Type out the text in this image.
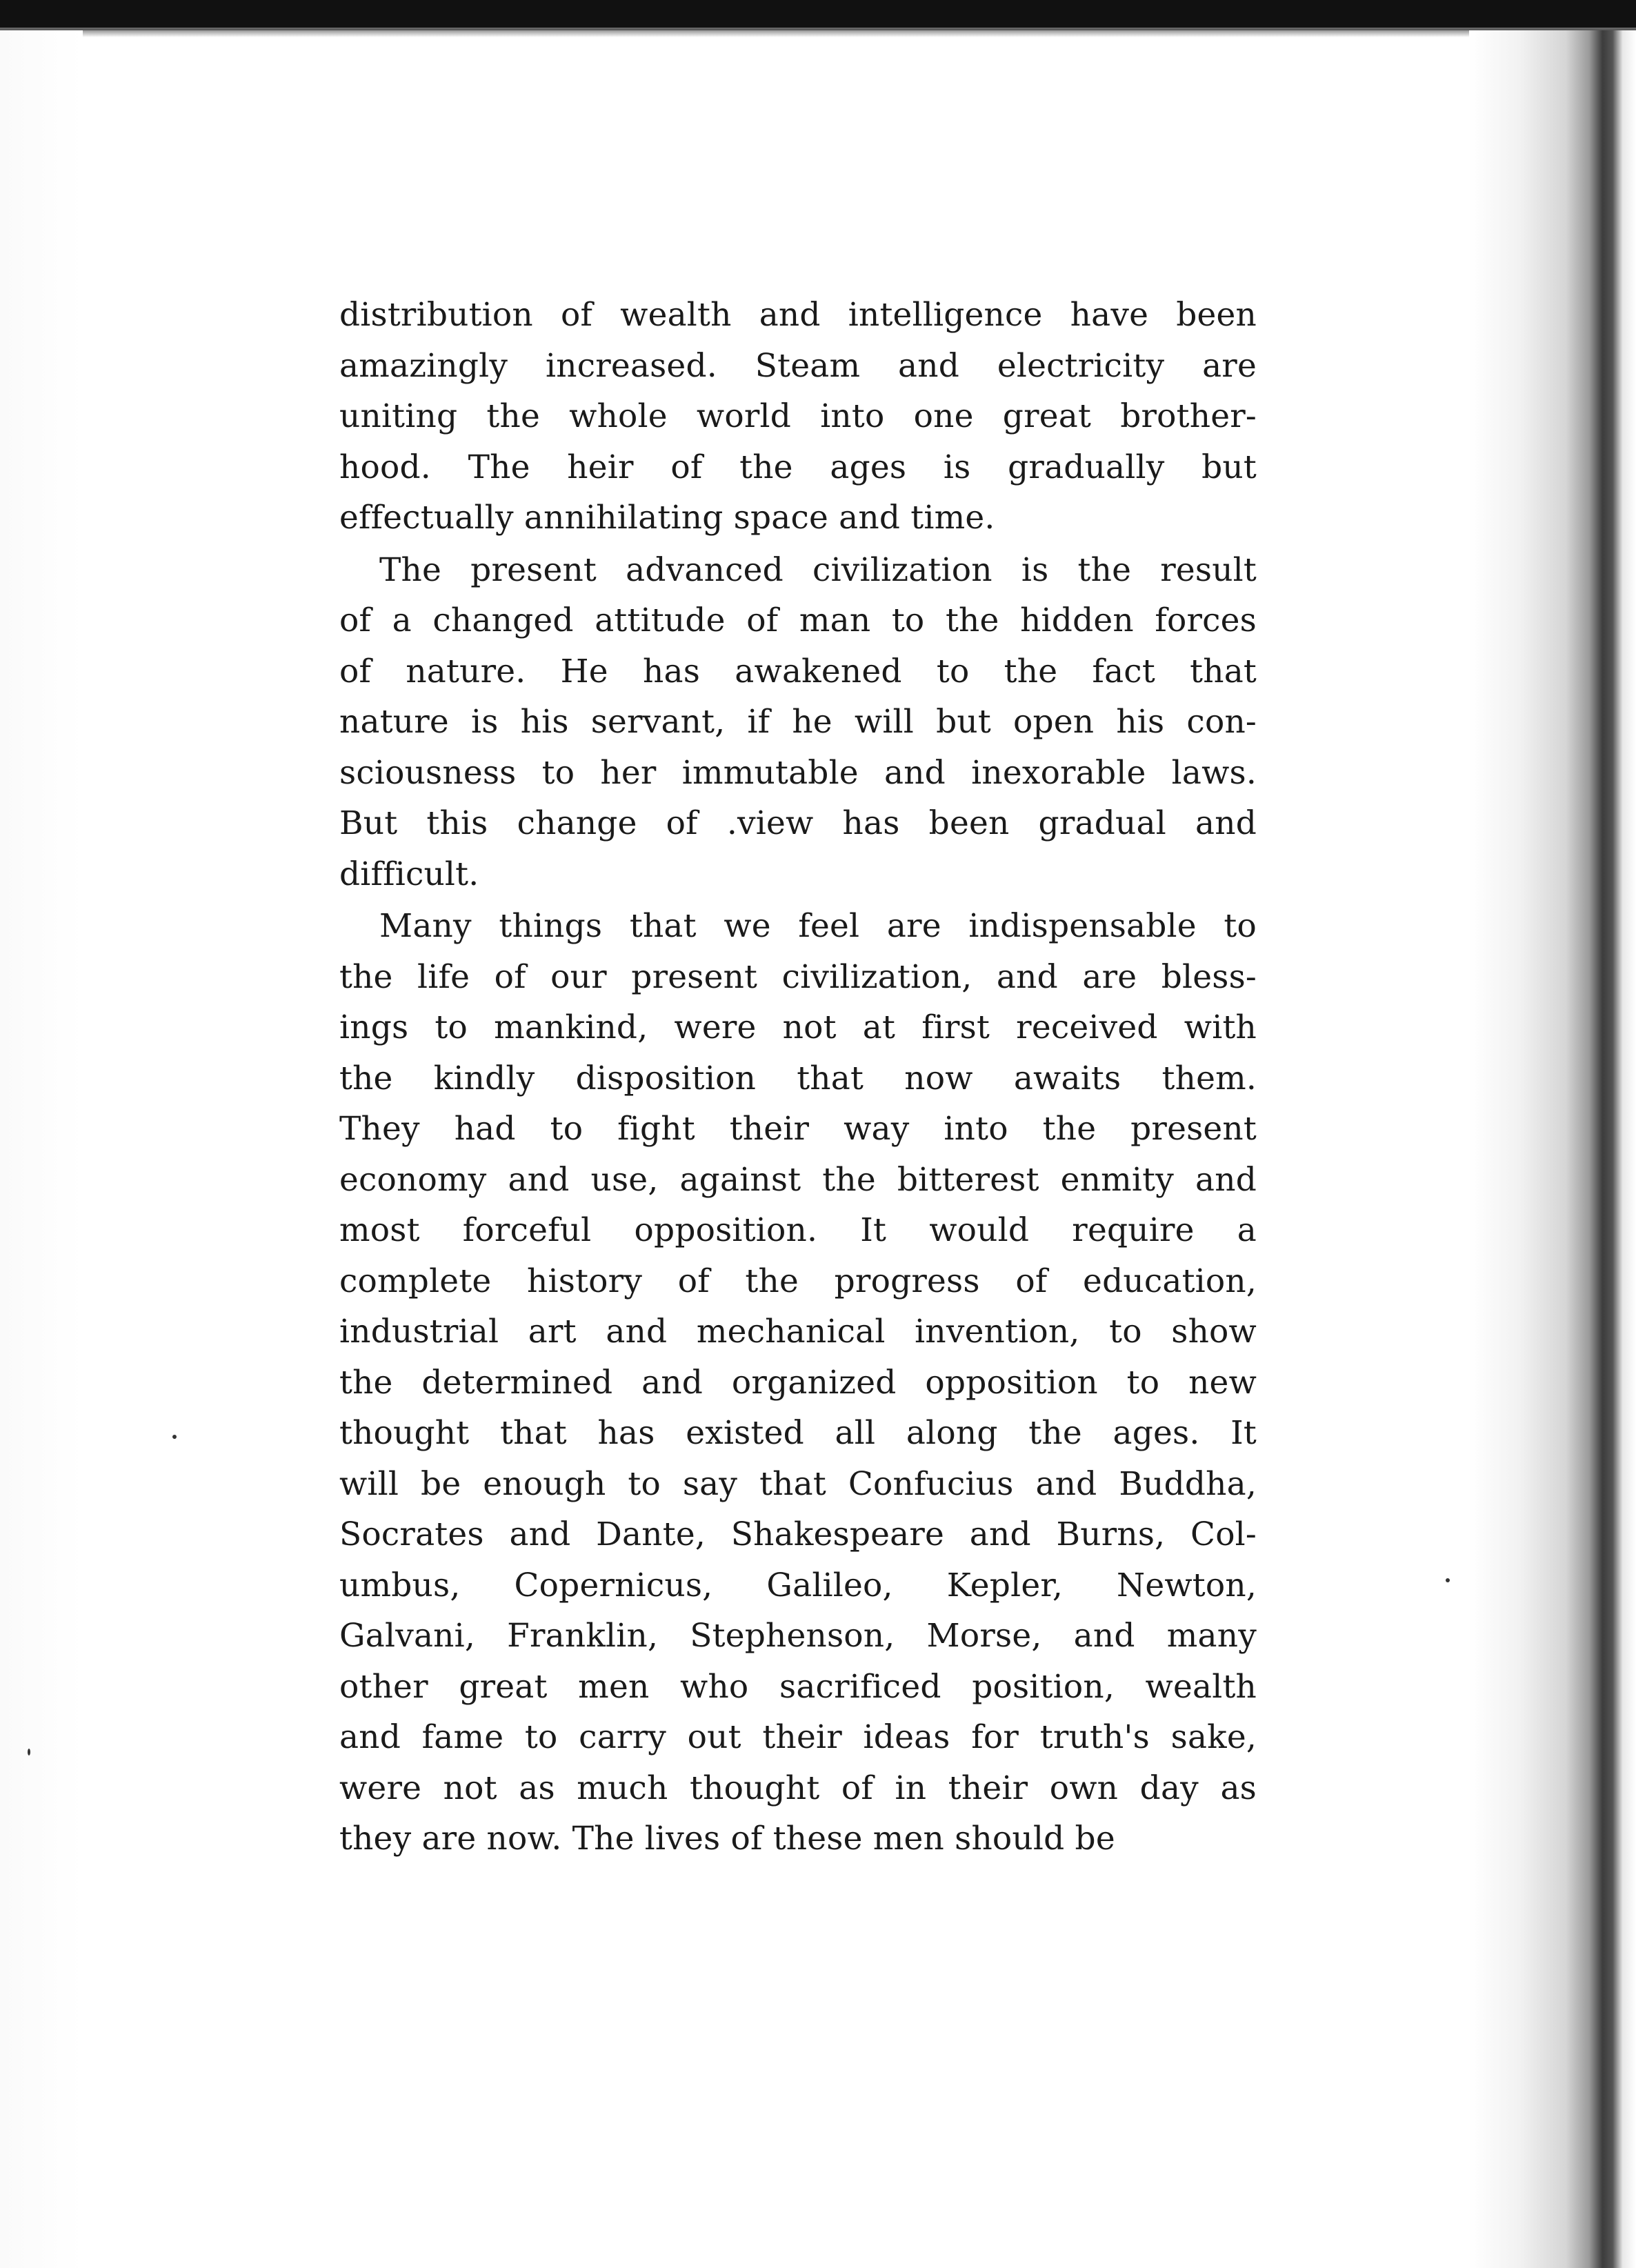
distribution of wealth and intelligence have been
amazingly increased. Steam and electricity are
uniting the whole world into one great brother-
hood. The heir of the ages is gradually but
effectually annihilating space and time.
The present advanced civilization is the result
of a changed attitude of man to the hidden forces
of nature. He has awakened to the fact that
nature is his servant, if he will but open his con-
sciousness to her immutable and inexorable laws.
But this change of .view has been gradual and
difficult.
Many things that we feel are indispensable to
the life of our present civilization, and are bless-
ings to mankind, were not at first received with
the kindly disposition that now awaits them.
They had to fight their way into the present
economy and use, against the bitterest enmity and
most forceful opposition. It would require a
complete history of the progress of education,
industrial art and mechanical invention, to show
the determined and organized opposition to new
thought that has existed all along the ages. It
will be enough to say that Confucius and Buddha,
Socrates and Dante, Shakespeare and Burns, Col-
umbus, Copernicus, Galileo, Kepler, Newton,
Galvani, Franklin, Stephenson, Morse, and many
other great men who sacrificed position, wealth
and fame to carry out their ideas for truth's sake,
were not as much thought of in their own day as
they are now. The lives of these men should be
